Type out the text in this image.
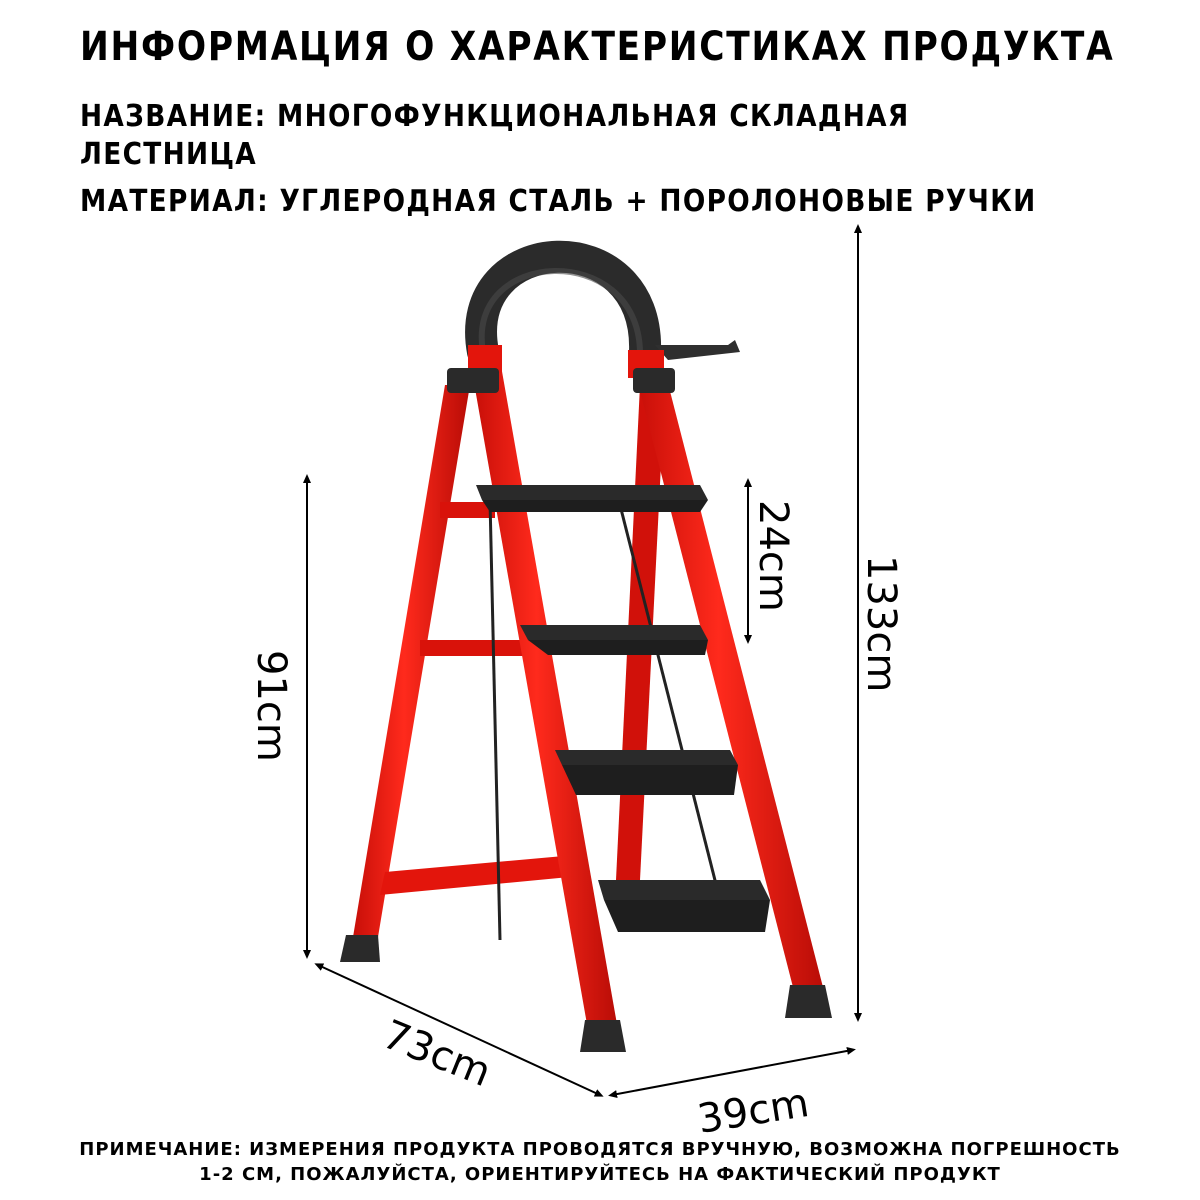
ИНФОРМАЦИЯ О ХАРАКТЕРИСТИКАХ ПРОДУКТА
НАЗВАНИЕ: МНОГОФУНКЦИОНАЛЬНАЯ СКЛАДНАЯ
ЛЕСТНИЦА
МАТЕРИАЛ: УГЛЕРОДНАЯ СТАЛЬ + ПОРОЛОНОВЫЕ РУЧКИ
133cm
91cm
24cm
73cm
39cm
ПРИМЕЧАНИЕ: ИЗМЕРЕНИЯ ПРОДУКТА ПРОВОДЯТСЯ ВРУЧНУЮ, ВОЗМОЖНА ПОГРЕШНОСТЬ
1-2 СМ, ПОЖАЛУЙСТА, ОРИЕНТИРУЙТЕСЬ НА ФАКТИЧЕСКИЙ ПРОДУКТ
